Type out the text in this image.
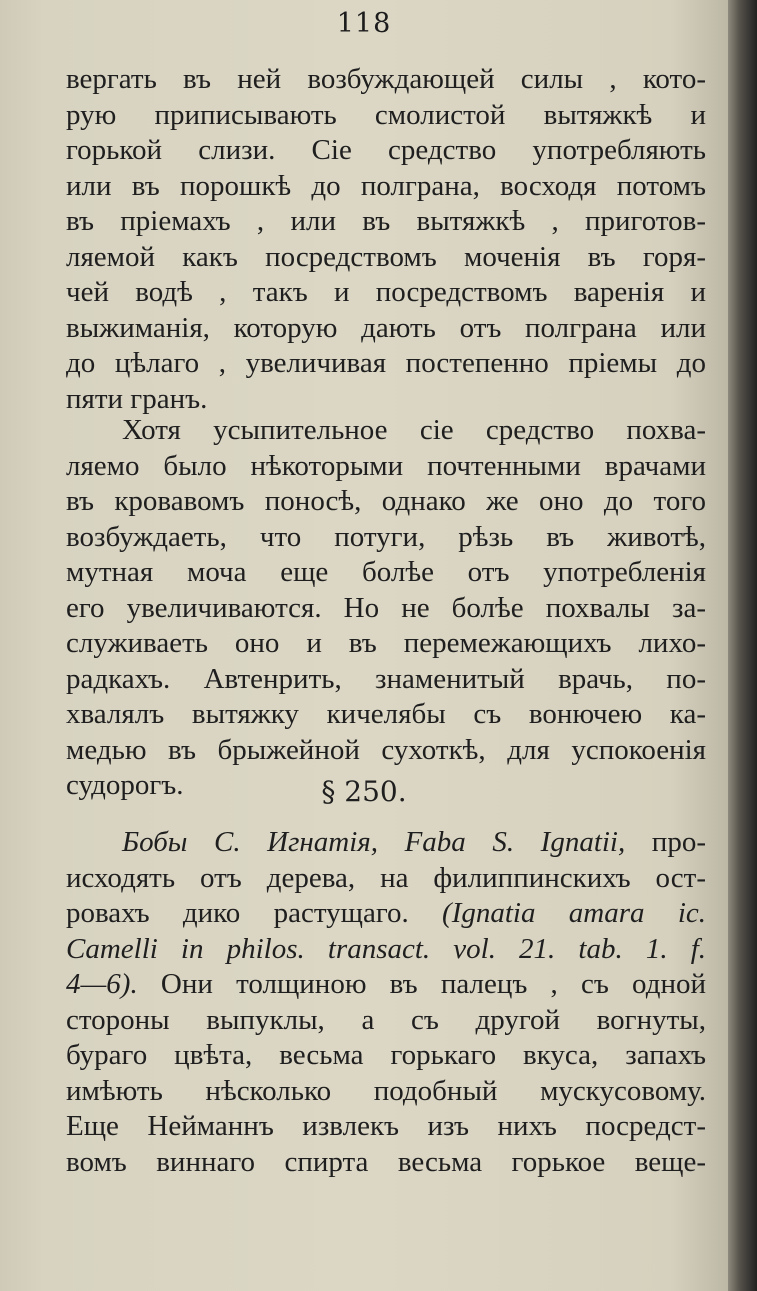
118
вергать въ ней возбуждающей силы , кото-
рую приписывають смолистой вытяжкѣ и
горькой слизи. Сіе средство употребляють
или въ порошкѣ до полграна, восходя потомъ
въ пріемахъ , или въ вытяжкѣ , приготов-
ляемой какъ посредствомъ моченія въ горя-
чей водѣ , такъ и посредствомъ варенія и
выжиманія, которую дають отъ полграна или
до цѣлаго , увеличивая постепенно пріемы до
пяти гранъ.
Хотя усыпительное сіе средство похва-
ляемо было нѣкоторыми почтенными врачами
въ кровавомъ поносѣ, однако же оно до того
возбуждаеть, что потуги, рѣзь въ животѣ,
мутная моча еще болѣе отъ употребленія
его увеличиваются. Но не болѣе похвалы за-
служиваеть оно и въ перемежающихъ лихо-
радкахъ. Автенрить, знаменитый врачь, по-
хвалялъ вытяжку кичелябы съ вонючею ка-
медью въ брыжейной сухоткѣ, для успокоенія
судорогъ.	§ 250.
Бобы С. Игнатія, Faba S. Ignatii, про-
исходять отъ дерева, на филиппинскихъ ост-
ровахъ дико растущаго. (Ignatia amara ic.
Camelli in philos. transact. vol. 21. tab. 1. f.
4—6). Они толщиною въ палецъ , съ одной
стороны выпуклы, а съ другой вогнуты,
бураго цвѣта, весьма горькаго вкуса, запахъ
имѣють нѣсколько подобный мускусовому.
Еще Нейманнъ извлекъ изъ нихъ посредст-
вомъ виннаго спирта весьма горькое веще-
